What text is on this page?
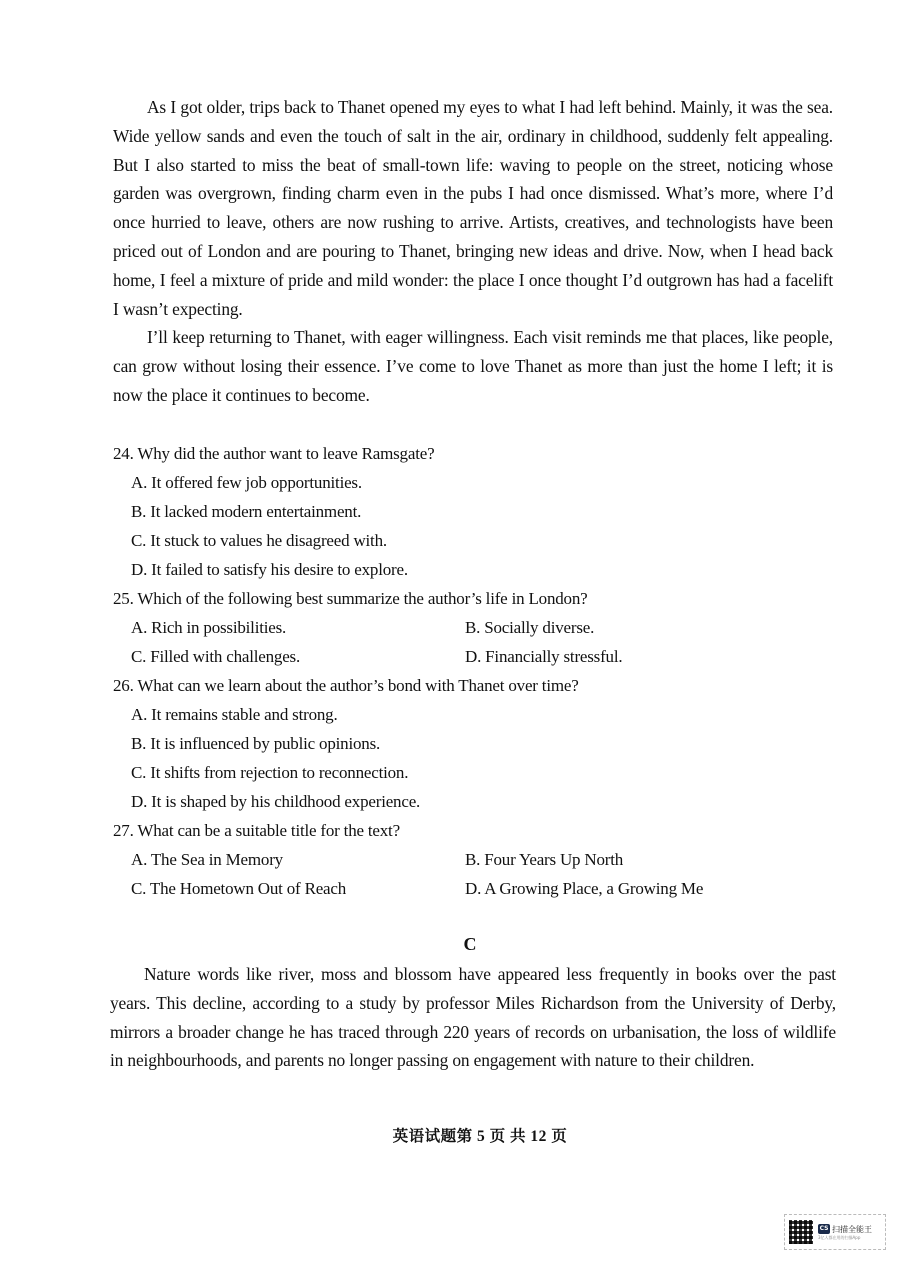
As I got older, trips back to Thanet opened my eyes to what I had left behind. Mainly, it was the sea. Wide yellow sands and even the touch of salt in the air, ordinary in childhood, suddenly felt appealing. But I also started to miss the beat of small-town life: waving to people on the street, noticing whose garden was overgrown, finding charm even in the pubs I had once dismissed. What’s more, where I’d once hurried to leave, others are now rushing to arrive. Artists, creatives, and technologists have been priced out of London and are pouring to Thanet, bringing new ideas and drive. Now, when I head back home, I feel a mixture of pride and mild wonder: the place I once thought I’d outgrown has had a facelift I wasn’t expecting.

I’ll keep returning to Thanet, with eager willingness. Each visit reminds me that places, like people, can grow without losing their essence. I’ve come to love Thanet as more than just the home I left; it is now the place it continues to become.

24. Why did the author want to leave Ramsgate?
A. It offered few job opportunities.
B. It lacked modern entertainment.
C. It stuck to values he disagreed with.
D. It failed to satisfy his desire to explore.
25. Which of the following best summarize the author’s life in London?
A. Rich in possibilities.	B. Socially diverse.
C. Filled with challenges.	D. Financially stressful.
26. What can we learn about the author’s bond with Thanet over time?
A. It remains stable and strong.
B. It is influenced by public opinions.
C. It shifts from rejection to reconnection.
D. It is shaped by his childhood experience.
27. What can be a suitable title for the text?
A. The Sea in Memory	B. Four Years Up North
C. The Hometown Out of Reach	D. A Growing Place, a Growing Me
C

Nature words like river, moss and blossom have appeared less frequently in books over the past years. This decline, according to a study by professor Miles Richardson from the University of Derby, mirrors a broader change he has traced through 220 years of records on urbanisation, the loss of wildlife in neighbourhoods, and parents no longer passing on engagement with nature to their children.

英语试题第 5 页 共 12 页
CS 扫描全能王
3亿人都在用的扫描App
